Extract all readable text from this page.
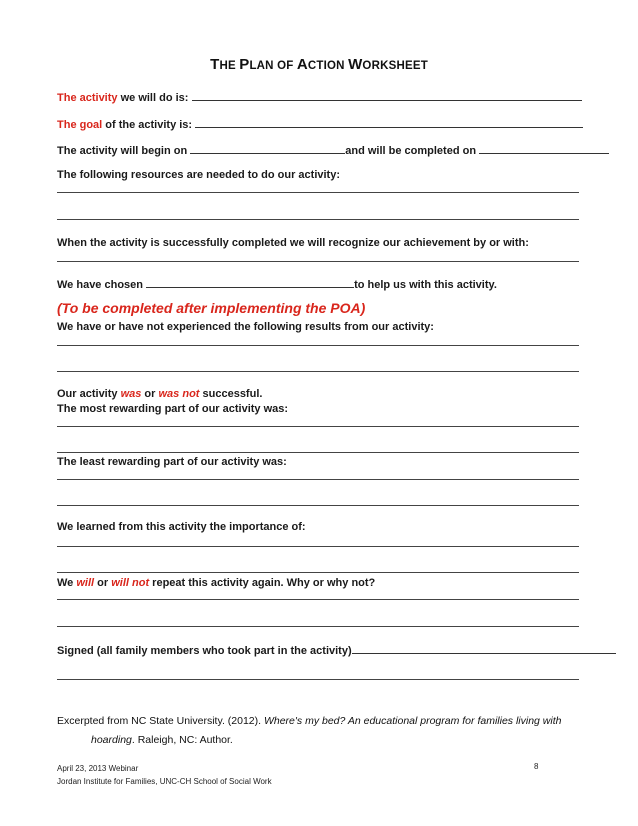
THE PLAN OF ACTION WORKSHEET
The activity we will do is:
The goal of the activity is:
The activity will begin on	and will be completed on
The following resources are needed to do our activity:
When the activity is successfully completed we will recognize our achievement by or with:
We have chosen	to help us with this activity.
(To be completed after implementing the POA)
We have or have not experienced the following results from our activity:
Our activity was or was not successful.
The most rewarding part of our activity was:
The least rewarding part of our activity was:
We learned from this activity the importance of:
We will or will not repeat this activity again. Why or why not?
Signed (all family members who took part in the activity)
Excerpted from NC State University. (2012). Where's my bed? An educational program for families living with
hoarding. Raleigh, NC: Author.
April 23, 2013 Webinar
Jordan Institute for Families, UNC-CH School of Social Work
8
